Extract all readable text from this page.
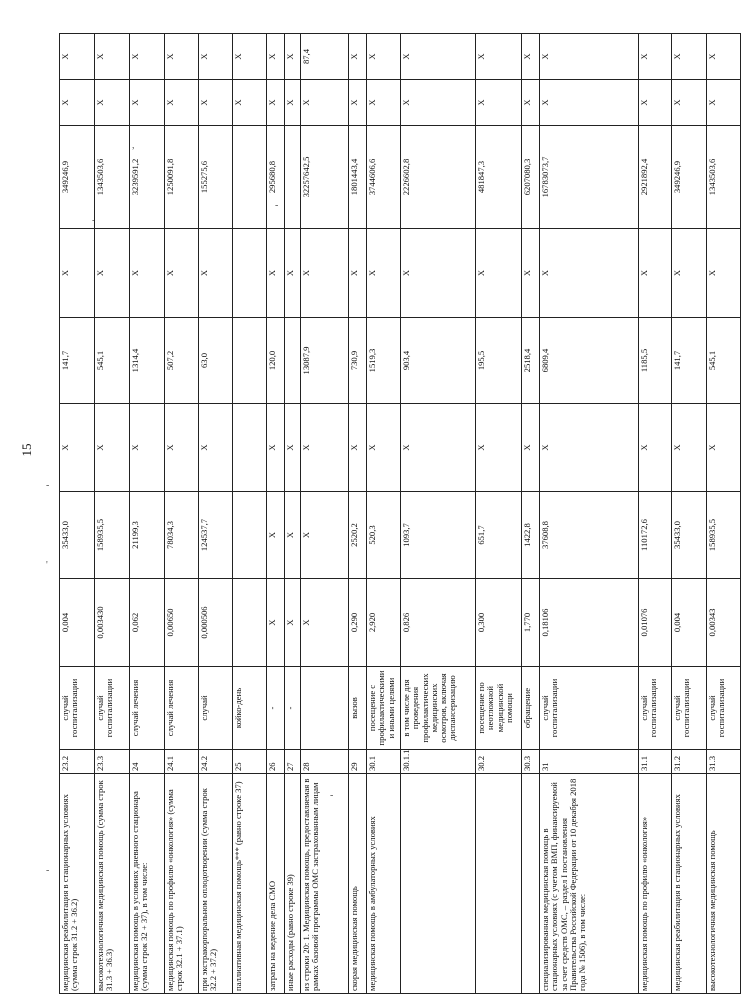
15
-
-
'
-
,
-
-
медицинская реабилитация в стационарных условиях (сумма строк 31.2 + 36.2)	23.2	случай госпитализации	0,004	35433,0	X	141,7	X	349246,9	X	X
высокотехнологичная медицинская помощь (сумма строк 31.3 + 36.3)	23.3	случай госпитализации	0,003430	158935,5	X	545,1	X	1343503,6	X	X
медицинская помощь в условиях дневного стационара (сумма строк 32 + 37), в том числе:	24	случай лечения	0,062	21199,3	X	1314,4	X	3239591,2	X	X
медицинская помощь по профилю «онкология» (сумма строк 32.1 + 37.1)	24.1	случай лечения	0,00650	78034,3	X	507,2	X	1250091,8	X	X
при экстракорпоральном оплодотворении (сумма строк 32.2 + 37.2)	24.2	случай	0,000506	124537,7	X	63,0	X	155275,6	X	X
паллиативная медицинская помощь*** (равно строке 37)	25	койко-день							X	X
затраты на ведение дела СМО	26	-	X	X	X	120,0	X	295680,8	X	X
иные расходы (равно строке 39)	27	-	X	X	X		X		X	X
из строки 20: 1. Медицинская помощь, предоставляемая в рамках базовой программы ОМС застрахованным лицам	28		X	X	X	13087,9	X	32257642,5	X	87,4
скорая медицинская помощь	29	вызов	0,290	2520,2	X	730,9	X	1801443,4	X	X
медицинская помощь в амбулаторных условиях	30.1	посещение с профилактическими и иными целями	2,920	520,3	X	1519,3	X	3744606,6	X	X
	30.1.1	в том числе для проведения профилактических медицинских осмотров, включая диспансеризацию	0,826	1093,7	X	903,4	X	2226602,8	X	X
	30.2	посещение по неотложной медицинской помощи	0,300	651,7	X	195,5	X	481847,3	X	X
	30.3	обращение	1,770	1422,8	X	2518,4	X	6207080,3	X	X
специализированная медицинская помощь в стационарных условиях (с учетом ВМП, финансируемой за счет средств ОМС, – раздел I постановления Правительства Российской Федерации от 10 декабря 2018 года № 1506), в том числе:	31	случай госпитализации	0,18106	37608,8	X	6809,4	X	16783073,7	X	X
медицинская помощь по профилю «онкология»	31.1	случай госпитализации	0,01076	110172,6	X	1185,5	X	2921892,4	X	X
медицинская реабилитация в стационарных условиях	31.2	случай госпитализации	0,004	35433,0	X	141,7	X	349246,9	X	X
высокотехнологичная медицинская помощь	31.3	случай госпитализации	0,00343	158935,5	X	545,1	X	1343503,6	X	X
